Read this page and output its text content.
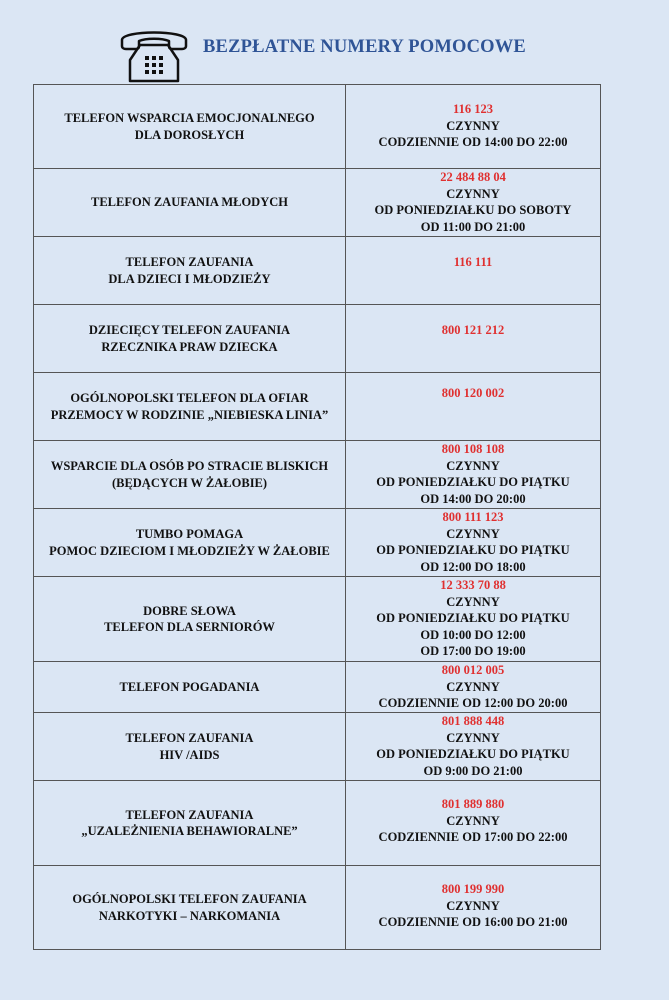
BEZPŁATNE NUMERY POMOCOWE
TELEFON WSPARCIA EMOCJONALNEGO
DLA DOROSŁYCH	116 123
CZYNNY
CODZIENNIE OD 14:00 DO 22:00

TELEFON ZAUFANIA MŁODYCH	22 484 88 04
CZYNNY
OD PONIEDZIAŁKU DO SOBOTY
OD 11:00 DO 21:00

TELEFON ZAUFANIA
DLA DZIECI I MŁODZIEŻY	116 111

DZIECIĘCY TELEFON ZAUFANIA
RZECZNIKA PRAW DZIECKA	800 121 212

OGÓLNOPOLSKI TELEFON DLA OFIAR
PRZEMOCY W RODZINIE „NIEBIESKA LINIA”	800 120 002

WSPARCIE DLA OSÓB PO STRACIE BLISKICH
(BĘDĄCYCH W ŻAŁOBIE)	800 108 108
CZYNNY
OD PONIEDZIAŁKU DO PIĄTKU
OD 14:00 DO 20:00

TUMBO POMAGA
POMOC DZIECIOM I MŁODZIEŻY W ŻAŁOBIE	800 111 123
CZYNNY
OD PONIEDZIAŁKU DO PIĄTKU
OD 12:00 DO 18:00

DOBRE SŁOWA
TELEFON DLA SERNIORÓW	12 333 70 88
CZYNNY
OD PONIEDZIAŁKU DO PIĄTKU
OD 10:00 DO 12:00
OD 17:00 DO 19:00

TELEFON POGADANIA	800 012 005
CZYNNY
CODZIENNIE OD 12:00 DO 20:00

TELEFON ZAUFANIA
HIV /AIDS	801 888 448
CZYNNY
OD PONIEDZIAŁKU DO PIĄTKU
OD 9:00 DO 21:00

TELEFON ZAUFANIA
„UZALEŻNIENIA BEHAWIORALNE”	801 889 880
CZYNNY
CODZIENNIE OD 17:00 DO 22:00

OGÓLNOPOLSKI TELEFON ZAUFANIA
NARKOTYKI – NARKOMANIA	800 199 990
CZYNNY
CODZIENNIE OD 16:00 DO 21:00
